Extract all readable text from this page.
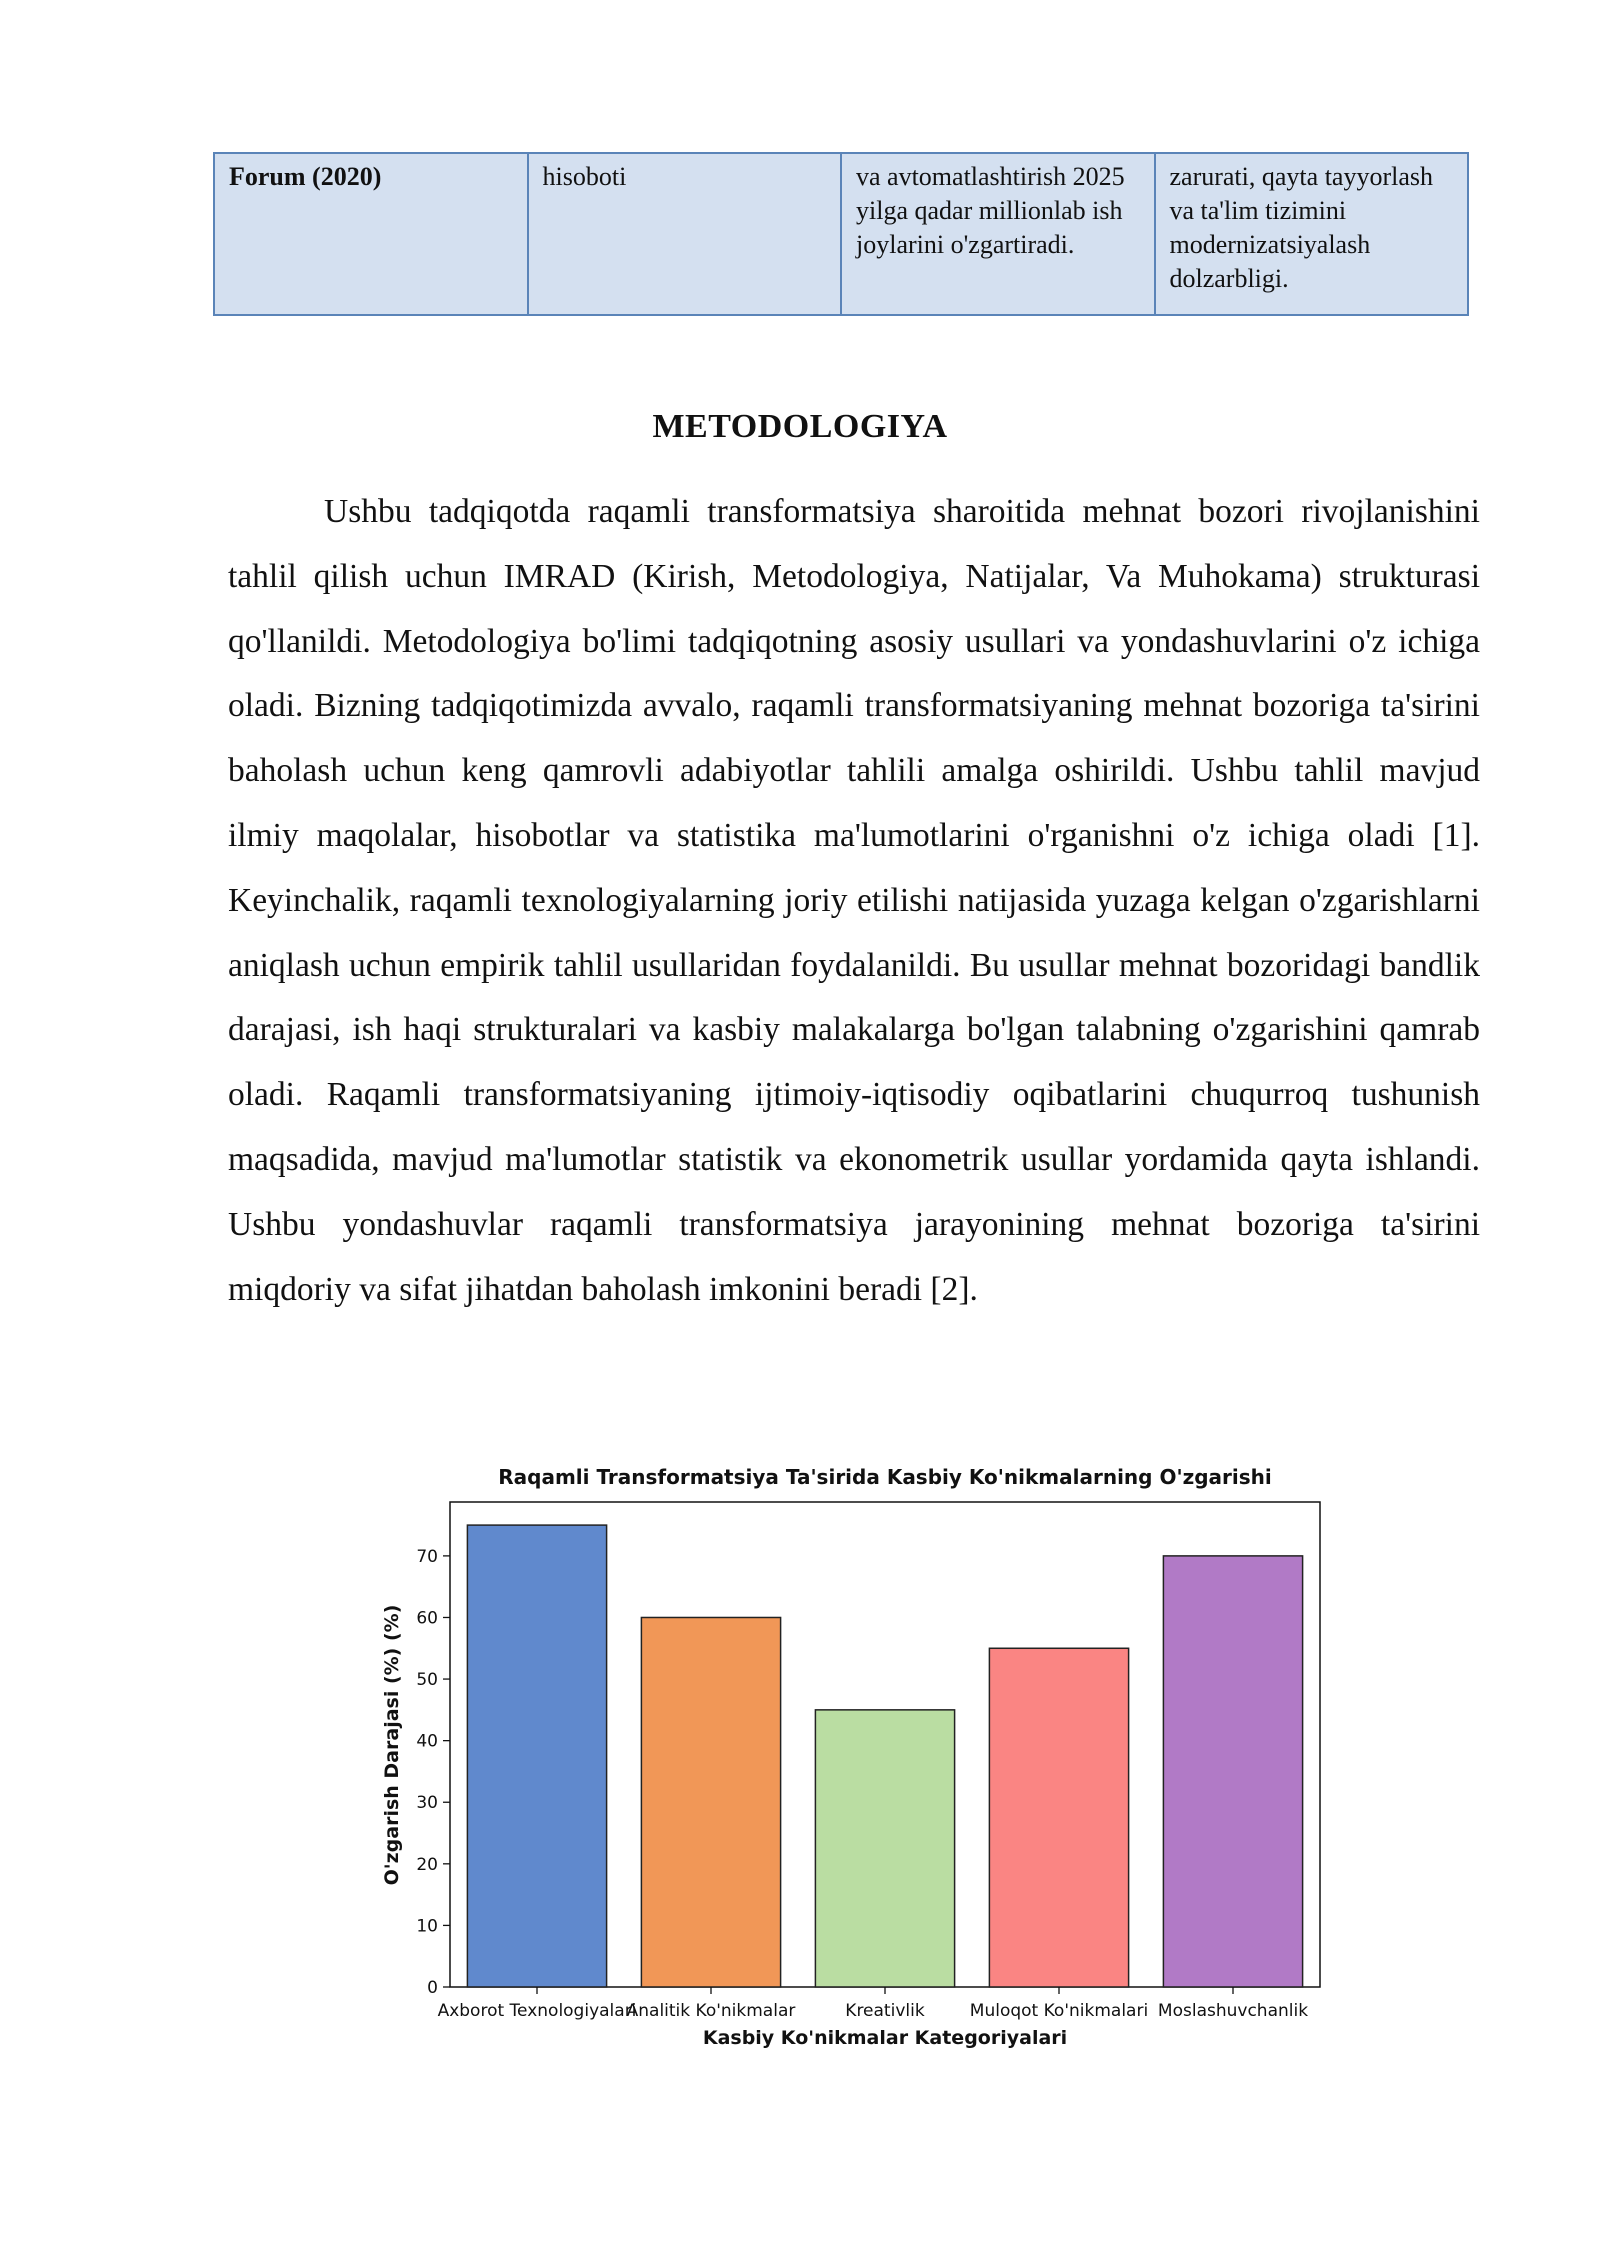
Forum (2020)	hisoboti	va avtomatlashtirish 2025 yilga qadar millionlab ish joylarini o'zgartiradi.	zarurati, qayta tayyorlash va ta'lim tizimini modernizatsiyalash dolzarbligi.
METODOLOGIYA

Ushbu tadqiqotda raqamli transformatsiya sharoitida mehnat bozori rivojlanishini tahlil qilish uchun IMRAD (Kirish, Metodologiya, Natijalar, Va Muhokama) strukturasi qo'llanildi. Metodologiya bo'limi tadqiqotning asosiy usullari va yondashuvlarini o'z ichiga oladi. Bizning tadqiqotimizda avvalo, raqamli transformatsiyaning mehnat bozoriga ta'sirini baholash uchun keng qamrovli adabiyotlar tahlili amalga oshirildi. Ushbu tahlil mavjud ilmiy maqolalar, hisobotlar va statistika ma'lumotlarini o'rganishni o'z ichiga oladi [1]. Keyinchalik, raqamli texnologiyalarning joriy etilishi natijasida yuzaga kelgan o'zgarishlarni aniqlash uchun empirik tahlil usullaridan foydalanildi. Bu usullar mehnat bozoridagi bandlik darajasi, ish haqi strukturalari va kasbiy malakalarga bo'lgan talabning o'zgarishini qamrab oladi. Raqamli transformatsiyaning ijtimoiy-iqtisodiy oqibatlarini chuqurroq tushunish maqsadida, mavjud ma'lumotlar statistik va ekonometrik usullar yordamida qayta ishlandi. Ushbu yondashuvlar raqamli transformatsiya jarayonining mehnat bozoriga ta'sirini miqdoriy va sifat jihatdan baholash imkonini beradi [2].

Raqamli Transformatsiya Ta'sirida Kasbiy Ko'nikmalarning O'zgarishi
0
10
20
30
40
50
60
70
Axborot Texnologiyalari
Analitik Ko'nikmalar	Kreativlik	Muloqot Ko'nikmalari Moslashuvchanlik
O'zgarish Darajasi (%) (%)
Kasbiy Ko'nikmalar Kategoriyalari
